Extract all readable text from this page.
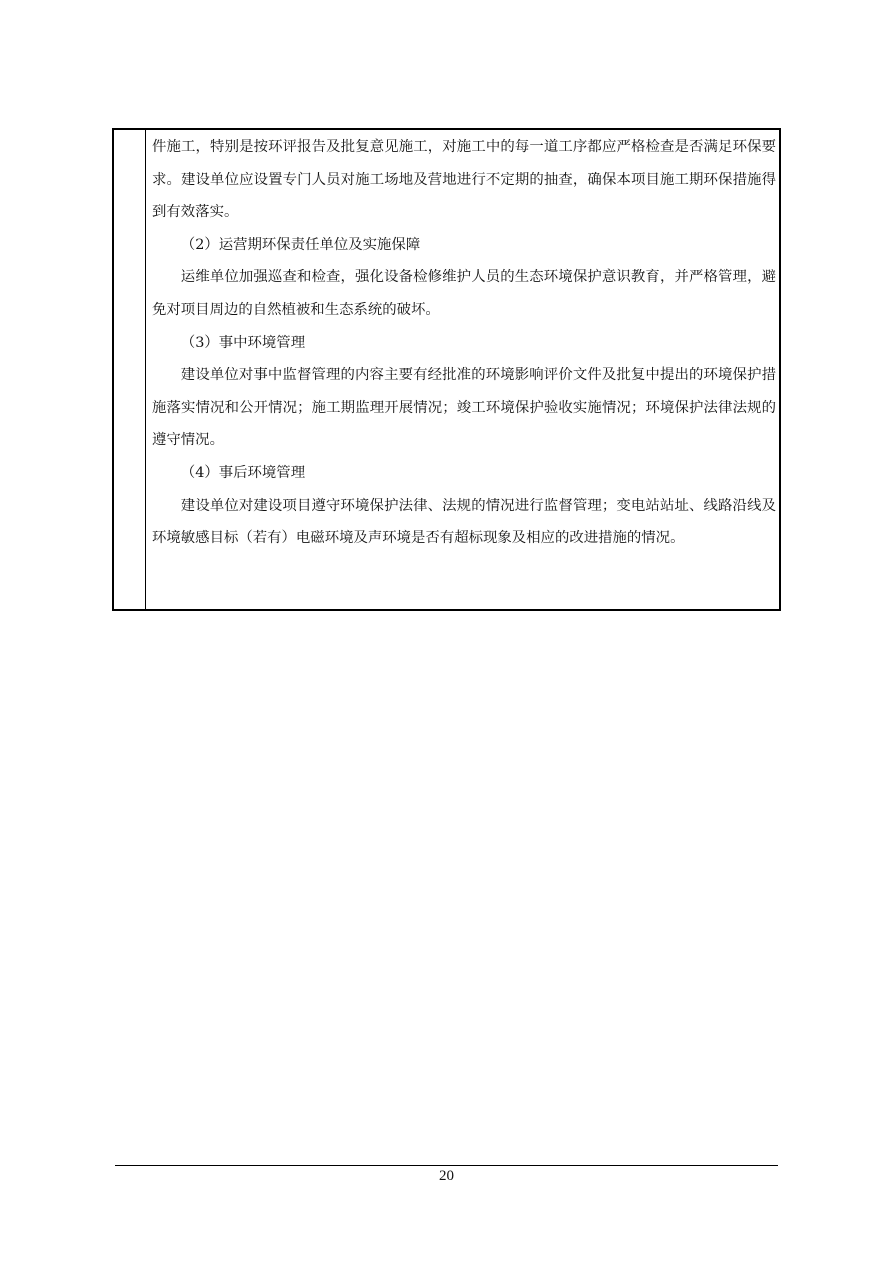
件施工，特别是按环评报告及批复意见施工，对施工中的每一道工序都应严格检查是否满足环保要求。建设单位应设置专门人员对施工场地及营地进行不定期的抽查，确保本项目施工期环保措施得到有效落实。

（2）运营期环保责任单位及实施保障

运维单位加强巡查和检查，强化设备检修维护人员的生态环境保护意识教育，并严格管理，避免对项目周边的自然植被和生态系统的破坏。

（3）事中环境管理

建设单位对事中监督管理的内容主要有经批准的环境影响评价文件及批复中提出的环境保护措施落实情况和公开情况；施工期监理开展情况；竣工环境保护验收实施情况；环境保护法律法规的遵守情况。

（4）事后环境管理

建设单位对建设项目遵守环境保护法律、法规的情况进行监督管理；变电站站址、线路沿线及环境敏感目标（若有）电磁环境及声环境是否有超标现象及相应的改进措施的情况。

20
